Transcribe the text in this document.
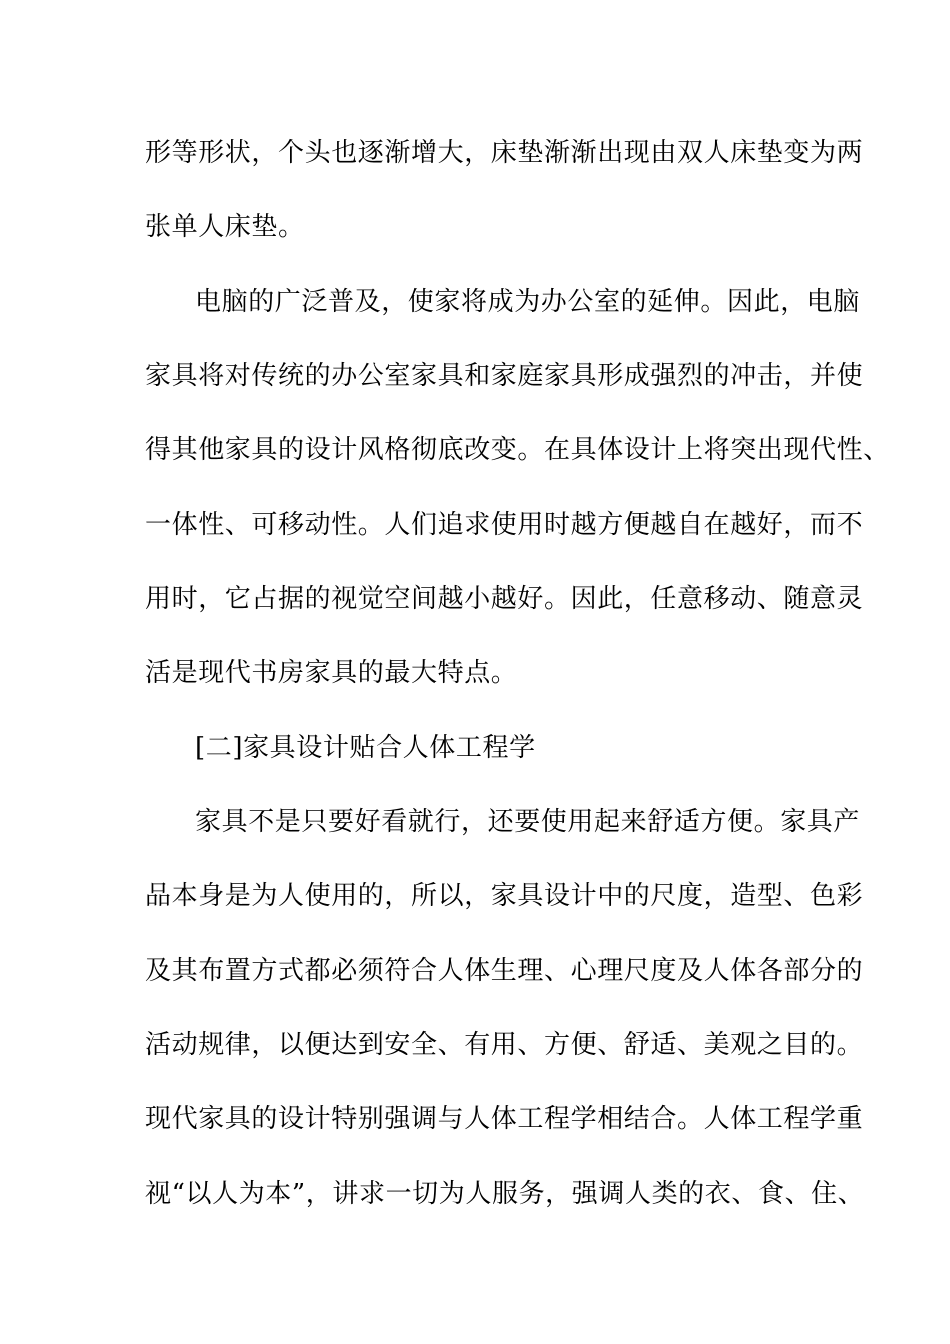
形等形状，个头也逐渐增大，床垫渐渐出现由双人床垫变为两
张单人床垫。
电脑的广泛普及，使家将成为办公室的延伸。因此，电脑
家具将对传统的办公室家具和家庭家具形成强烈的冲击，并使
得其他家具的设计风格彻底改变。在具体设计上将突出现代性、
一体性、可移动性。人们追求使用时越方便越自在越好，而不
用时，它占据的视觉空间越小越好。因此，任意移动、随意灵
活是现代书房家具的最大特点。
[二]家具设计贴合人体工程学
家具不是只要好看就行，还要使用起来舒适方便。家具产
品本身是为人使用的，所以，家具设计中的尺度，造型、色彩
及其布置方式都必须符合人体生理、心理尺度及人体各部分的
活动规律，以便达到安全、有用、方便、舒适、美观之目的。
现代家具的设计特别强调与人体工程学相结合。人体工程学重
视“以人为本”，讲求一切为人服务，强调人类的衣、食、住、
